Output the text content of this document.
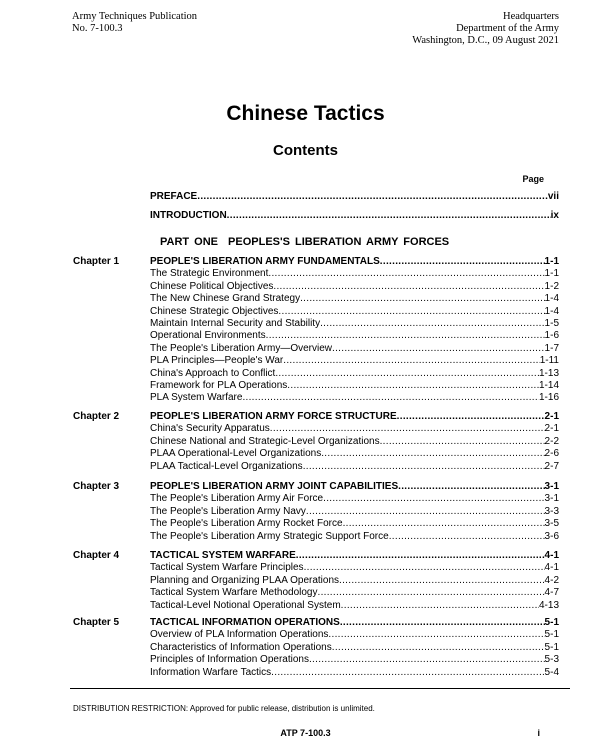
Army Techniques Publication
No. 7-100.3
Headquarters
Department of the Army
Washington, D.C., 09 August 2021
Chinese Tactics
Contents
Page
PREFACE .....	vii
INTRODUCTION .....	ix
PART ONE PEOPLES'S LIBERATION ARMY FORCES
Chapter 1	PEOPLE'S LIBERATION ARMY FUNDAMENTALS .....	1-1
The Strategic Environment .....	1-1
Chinese Political Objectives .....	1-2
The New Chinese Grand Strategy .....	1-4
Chinese Strategic Objectives .....	1-4
Maintain Internal Security and Stability .....	1-5
Operational Environments .....	1-6
The People's Liberation Army—Overview .....	1-7
PLA Principles—People's War .....	1-11
China's Approach to Conflict .....	1-13
Framework for PLA Operations .....	1-14
PLA System Warfare .....	1-16
Chapter 2	PEOPLE'S LIBERATION ARMY FORCE STRUCTURE .....	2-1
China's Security Apparatus .....	2-1
Chinese National and Strategic-Level Organizations .....	2-2
PLAA Operational-Level Organizations .....	2-6
PLAA Tactical-Level Organizations .....	2-7
Chapter 3	PEOPLE'S LIBERATION ARMY JOINT CAPABILITIES .....	3-1
The People's Liberation Army Air Force .....	3-1
The People's Liberation Army Navy .....	3-3
The People's Liberation Army Rocket Force .....	3-5
The People's Liberation Army Strategic Support Force .....	3-6
Chapter 4	TACTICAL SYSTEM WARFARE .....	4-1
Tactical System Warfare Principles .....	4-1
Planning and Organizing PLAA Operations .....	4-2
Tactical System Warfare Methodology .....	4-7
Tactical-Level Notional Operational System .....	4-13
Chapter 5	TACTICAL INFORMATION OPERATIONS .....	5-1
Overview of PLA Information Operations .....	5-1
Characteristics of Information Operations .....	5-1
Principles of Information Operations .....	5-3
Information Warfare Tactics .....	5-4
DISTRIBUTION RESTRICTION: Approved for public release, distribution is unlimited.
ATP 7-100.3	i
